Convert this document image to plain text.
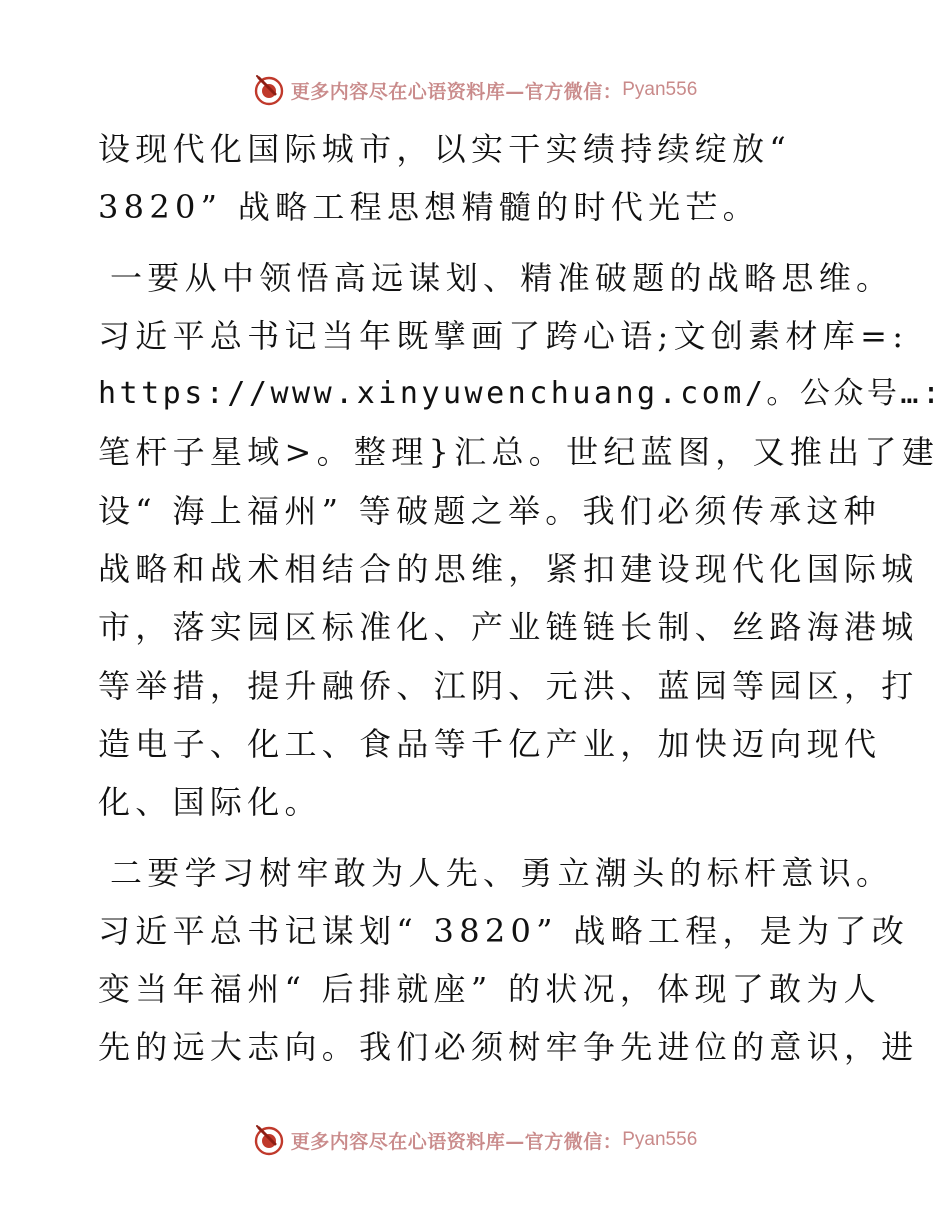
更多内容尽在心语资料库—官方微信： Pyan556
设现代化国际城市，以实干实绩持续绽放“
3820” 战略工程思想精髓的时代光芒。
一要从中领悟高远谋划、精准破题的战略思维。
习近平总书记当年既擘画了跨心语;文创素材库=:
https://www.xinyuwenchuang.com/。公众号…:
笔杆子星域>。整理}汇总。世纪蓝图，又推出了建
设“ 海上福州” 等破题之举。我们必须传承这种
战略和战术相结合的思维，紧扣建设现代化国际城
市，落实园区标准化、产业链链长制、丝路海港城
等举措，提升融侨、江阴、元洪、蓝园等园区，打
造电子、化工、食品等千亿产业，加快迈向现代
化、国际化。
二要学习树牢敢为人先、勇立潮头的标杆意识。
习近平总书记谋划“ 3820” 战略工程，是为了改
变当年福州“ 后排就座” 的状况，体现了敢为人
先的远大志向。我们必须树牢争先进位的意识，进
更多内容尽在心语资料库—官方微信： Pyan556
